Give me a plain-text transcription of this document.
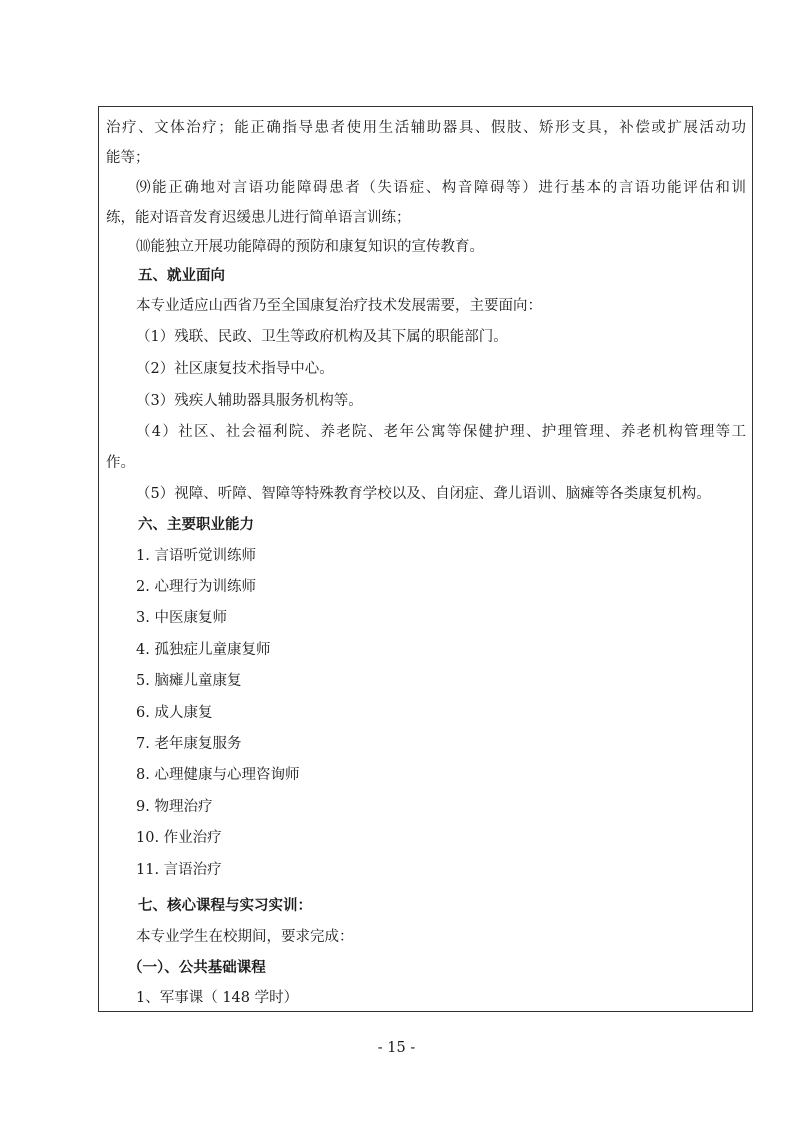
治疗、文体治疗；能正确指导患者使用生活辅助器具、假肢、矫形支具，补偿或扩展活动功
能等；
⑼能正确地对言语功能障碍患者（失语症、构音障碍等）进行基本的言语功能评估和训
练，能对语音发育迟缓患儿进行简单语言训练；
⑽能独立开展功能障碍的预防和康复知识的宣传教育。
五、就业面向
本专业适应山西省乃至全国康复治疗技术发展需要，主要面向：
（1）残联、民政、卫生等政府机构及其下属的职能部门。
（2）社区康复技术指导中心。
（3）残疾人辅助器具服务机构等。
（4）社区、社会福利院、养老院、老年公寓等保健护理、护理管理、养老机构管理等工
作。
（5）视障、听障、智障等特殊教育学校以及、自闭症、聋儿语训、脑瘫等各类康复机构。
六、主要职业能力
1. 言语听觉训练师
2. 心理行为训练师
3. 中医康复师
4. 孤独症儿童康复师
5. 脑瘫儿童康复
6. 成人康复
7. 老年康复服务
8. 心理健康与心理咨询师
9. 物理治疗
10. 作业治疗
11. 言语治疗
七、核心课程与实习实训：
本专业学生在校期间，要求完成：
（一）、公共基础课程
1、军事课（ 148 学时）
- 15 -
